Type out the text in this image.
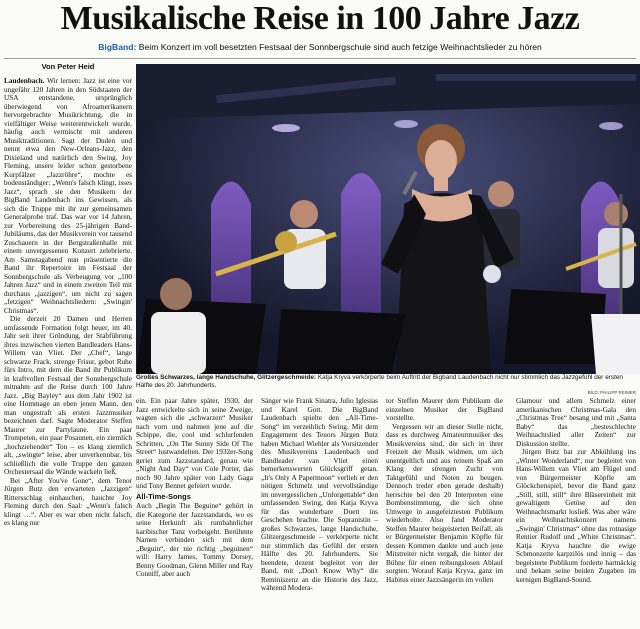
Musikalische Reise in 100 Jahre Jazz
BigBand: Beim Konzert im voll besetzten Festsaal der Sonnbergschule sind auch fetzige Weihnachtslieder zu hören
Von Peter Heid

Laudenbach. Wir lernen: Jazz ist eine vor ungefähr 120 Jahren in den Südstaaten der USA entstandene, ursprünglich überwiegend von Afroamerikanern hervorgebrachte Musikrichtung, die in vielfältiger Weise weiterentwickelt wurde, häufig auch vermischt mit anderen Musiktraditionen. Sagt der Duden und nennt etwa den New-Orleans-Jazz, den Dixieland und natürlich den Swing. Joy Fleming, unsere leider schon gestorbene Kurpfälzer „Jazzröhre“, mochte es bodenständiger: „Wenn's falsch klingt, isses Jazz“, sprach sie den Musikern der BigBand Laudenbach ins Gewissen, als sich die Truppe mit ihr zur gemeinsamen Generalprobe traf. Das war vor 14 Jahren, zur Vorbereitung des 25-jährigen Band-Jubiläums, das der Musikverein vor tausend Zuschauern in der Bergstraßenhalle mit einem unvergessenen Konzert zelebrierte. Am Samstagabend nun präsentierte die Band ihr Repertoire im Festsaal der Sonnbergschule als Verbeugung vor „100 Jahren Jazz“ und in einem zweiten Teil mit durchaus „jazzigen“, um nicht zu sagen „fetzigen“ Weihnachtsliedern: „Swingin' Christmas“.

Die derzeit 20 Damen und Herren umfassende Formation folgt heuer, im 40. Jahr seit ihrer Gründung, der Stabführung ihres inzwischen vierten Bandleaders Hans-Willem van Vliet. Der „Chef“, lange schwarze Frack, strenge Frisur, gebot Ruhe fürs Intro, mit dem die Band ihr Publikum in kraftvollen Festsaal der Sonnbergschule mitnahm auf die Reise durch 100 Jahre Jazz. „Big Bayley“ aus dem Jahr 1902 ist eine Hommage an eben jenen Mann, den man ungestraft als ersten Jazzmusiker bezeichnen darf. Sagte Moderator Steffen Maurer zur Partylaune. Ein paar Trompeten, ein paar Posaunen, ein ziemlich „hochziehender“ Ton – es klang ziemlich alt, „swingte“ leise, aber unverkennbar, bis schließlich die volle Truppe den ganzen Orchestersaal die Wände wackeln ließ.

Bei „After You've Gone“, dem Tenor Jürgen Butz den erwarteten „Jazzigen“ Rittersschlag einhauchen, hauchte Joy Fleming durch den Saal: „Wenn's falsch klingt …“. Aber es war eben nicht falsch, es klang nur

Großes Schwarzes, lange Handschuhe, Glitzergeschmeide: Katja Kryva verkörperte beim Auftritt der Bigband Laudenbach nicht nur stimmlich das Jazzgefühl der ersten Hälfte des 20. Jahrhunderts.
BILD: PHILIPP REIMER

ein. Ein paar Jahre später, 1930, der Jazz entwickelte sich in seine Zweige, wagten sich die „schwarzen“ Musiker nach vorn und nahmen jene auf die Schippe, die, cool und schlurfenden Schritten, „On The Sunny Side Of The Street“ lustwandelten. Der 1932er-Song geriet zum Jazzstandard, genau wie „Night And Day“ von Cole Porter, das noch 90 Jahre später von Lady Gaga und Tony Bennet gefeiert wurde.

All-Time-Songs

Auch „Begin The Beguine“ gehört in die Kategorie der Jazzstandards, wo es seine Herkunft als rumbahnlicher karibischer Tanz vorbeigeht. Berühmte Namen verbinden sich mit dem „Beguin“, der nie richtig „beguinen“ will: Harry James, Tommy Dorsey, Benny Goodman, Glenn Miller und Ray Conniff, aber auch

Sänger wie Frank Sinatra, Julio Iglesias und Karel Gott. Die BigBand Laudenbach spielte den „All-Time-Song“ im verzeihlich Swing. Mit dem Engagement des Tenors Jürgen Butz haben Michael Wiehler als Vorsitzender des Musikvereins Laudenbach und Bandleader van Vliet einen bemerkenswerten Glücksgriff getan. „It's Only A Papermoon“ verlieh er den nötigen Schmelz und vervollständige im unvergesslichen „Unforgettable“ den umfassenden Swing, den Katja Kryva für das wunderbare Duett ins Geschehen brachte. Die Sopranistin – großes Schwarzes, lange Handschuhe, Glitzergeschmeide – verkörperte nicht nur stimmlich das Gefühl der ersten Hälfte des 20. Jahrhunderts. Sie beendete, dezent begleitet von der Band, mit „Don't Know Why“ die Reminiszenz an die Historie des Jazz, während Modera-

tor Steffen Maurer dem Publikum die einzelnen Musiker der BigBand vorstellte.

Vergessen wir an dieser Stelle nicht, dass es durchweg Amateurmusiker des Musikvereins sind, die sich in ihrer Freizeit der Musik widmen, um sich unentgeltlich und aus reinem Spaß am Klang der strengen Zucht von Taktgefühl und Noten zu beugen. Dennoch treder eben gerade deshalb) herrschte bei den 20 Interpreten eine Bombenstimmung, die sich ohne Umwege in ausgefeiztesten Publikum wiederholte. Also fand Moderator Steffen Maurer beigeisterten Beifall, als er Bürgermeister Benjamin Köpfle für dessen Kommen dankte und auch jene Mitstreiter nicht vergaß, die hinter der Bühne für einen reibungslosen Ablauf sorgten. Worauf Katja Kryva, ganz im Habitus einer Jazzsängerin im vollen

Glamour und allem Schmelz einer amerikanischen Christmas-Gala den „Christmas Tree“ besang und mit „Santa Baby“ das „besteschlechte Weihnachtslied aller Zeiten“ zur Diskussion stellte.

Jürgen Butz bat zur Abkühlung ins „Winter Wonderland“, nur begleitet von Hans-Willem van Vliet am Flügel und von Bürgermeister Köpfle am Glöckchenspiel, bevor die Band ganz „Still, still, still“ ihre Bläsereinheit mit gewaltigem Getöse auf den Weihnachtsmarkt losließ. Was aber wäre ein Weihnachtskonzert namens „Swingin' Christmas“ ohne das rotnasige Rentier Rudolf und „White Christmas“. Katja Kryva hauchte die ewige Schmonzette karpzilös und innig – das begeisterte Publikum forderte hartnäckig und bekam seine beiden Zugaben im kernigen BigBand-Sound.
